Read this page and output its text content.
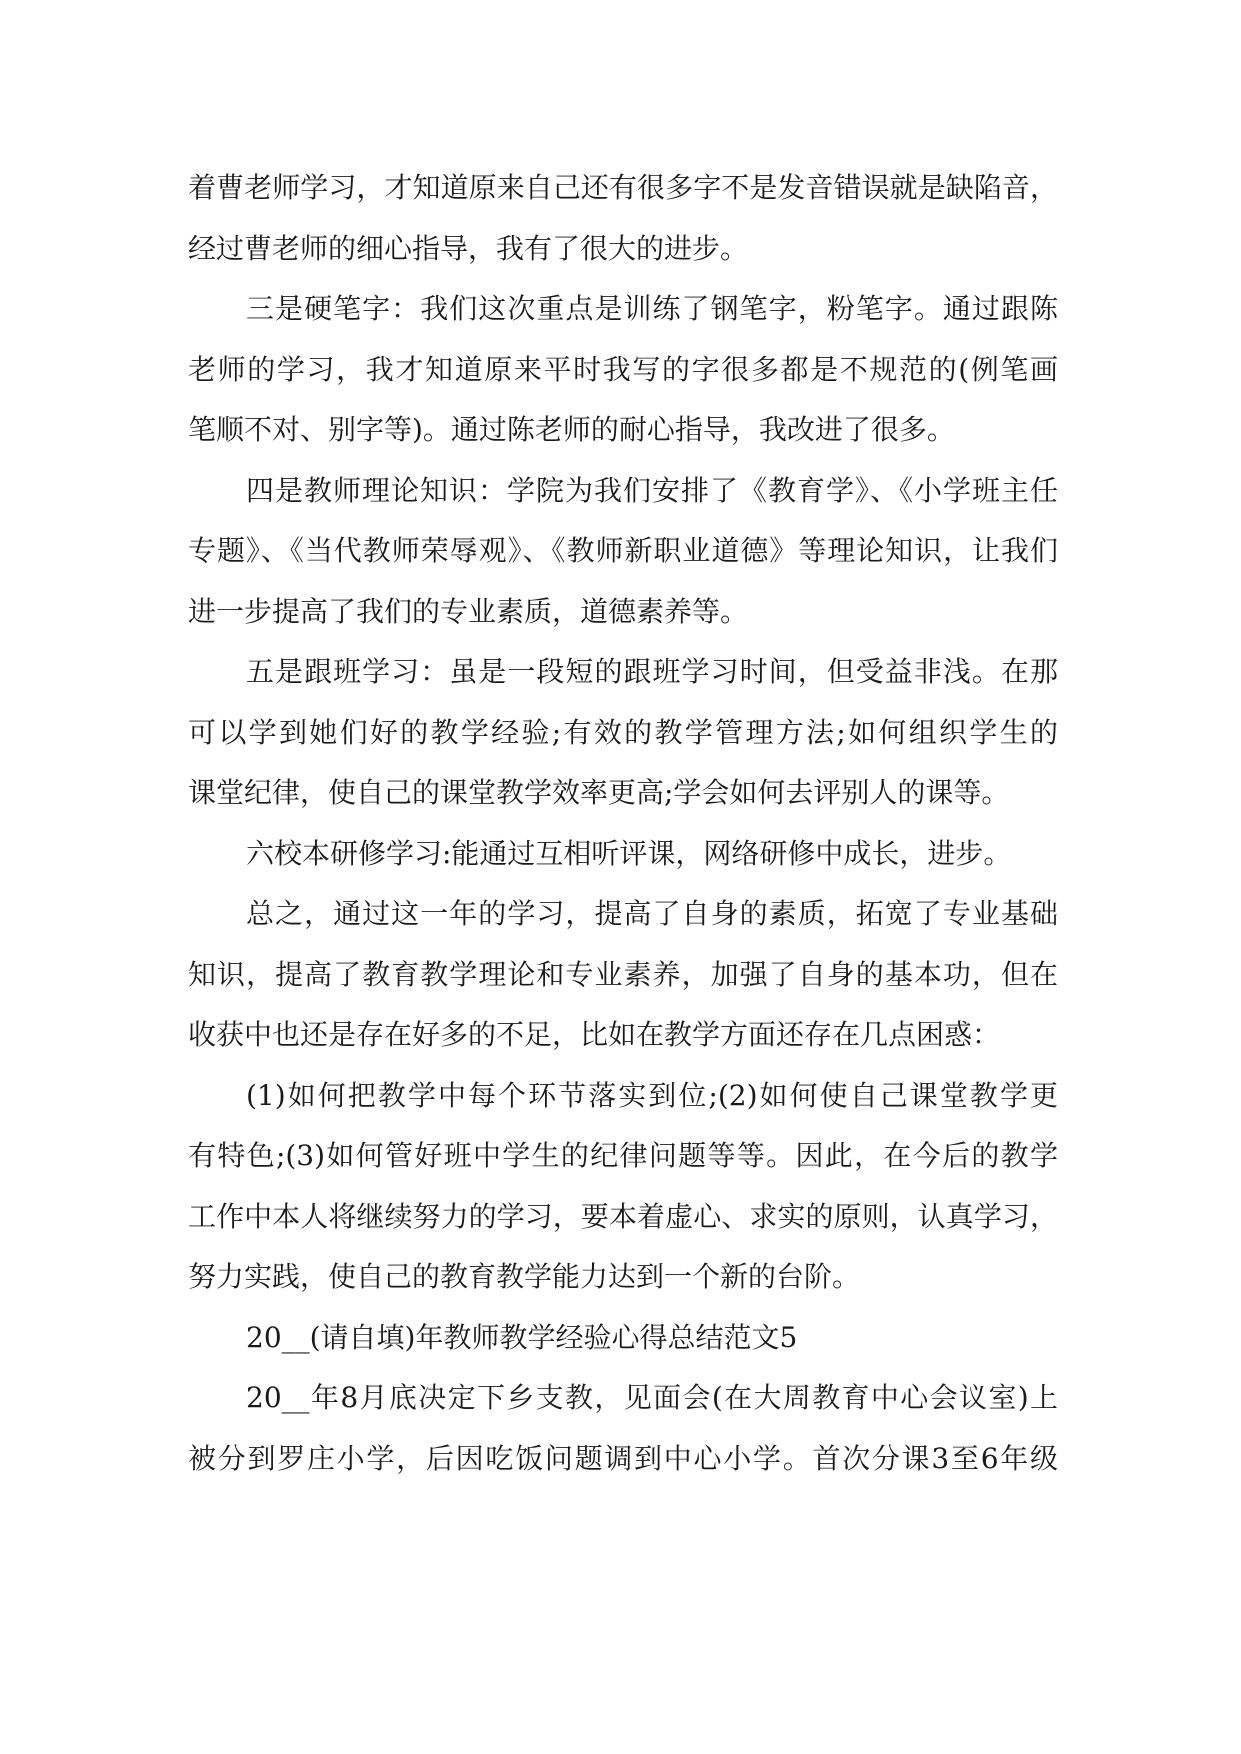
着曹老师学习，才知道原来自己还有很多字不是发音错误就是缺陷音，
经过曹老师的细心指导，我有了很大的进步。
三是硬笔字：我们这次重点是训练了钢笔字，粉笔字。通过跟陈
老师的学习，我才知道原来平时我写的字很多都是不规范的(例笔画
笔顺不对、别字等)。通过陈老师的耐心指导，我改进了很多。
四是教师理论知识：学院为我们安排了《教育学》、《小学班主任
专题》、《当代教师荣辱观》、《教师新职业道德》等理论知识，让我们
进一步提高了我们的专业素质，道德素养等。
五是跟班学习：虽是一段短的跟班学习时间，但受益非浅。在那
可以学到她们好的教学经验;有效的教学管理方法;如何组织学生的
课堂纪律，使自己的课堂教学效率更高;学会如何去评别人的课等。
六校本研修学习:能通过互相听评课，网络研修中成长，进步。
总之，通过这一年的学习，提高了自身的素质，拓宽了专业基础
知识，提高了教育教学理论和专业素养，加强了自身的基本功，但在
收获中也还是存在好多的不足，比如在教学方面还存在几点困惑：
(1)如何把教学中每个环节落实到位;(2)如何使自己课堂教学更
有特色;(3)如何管好班中学生的纪律问题等等。因此，在今后的教学
工作中本人将继续努力的学习，要本着虚心、求实的原则，认真学习，
努力实践，使自己的教育教学能力达到一个新的台阶。
20__(请自填)年教师教学经验心得总结范文5
20__年8月底决定下乡支教，见面会(在大周教育中心会议室)上
被分到罗庄小学，后因吃饭问题调到中心小学。首次分课3至6年级
